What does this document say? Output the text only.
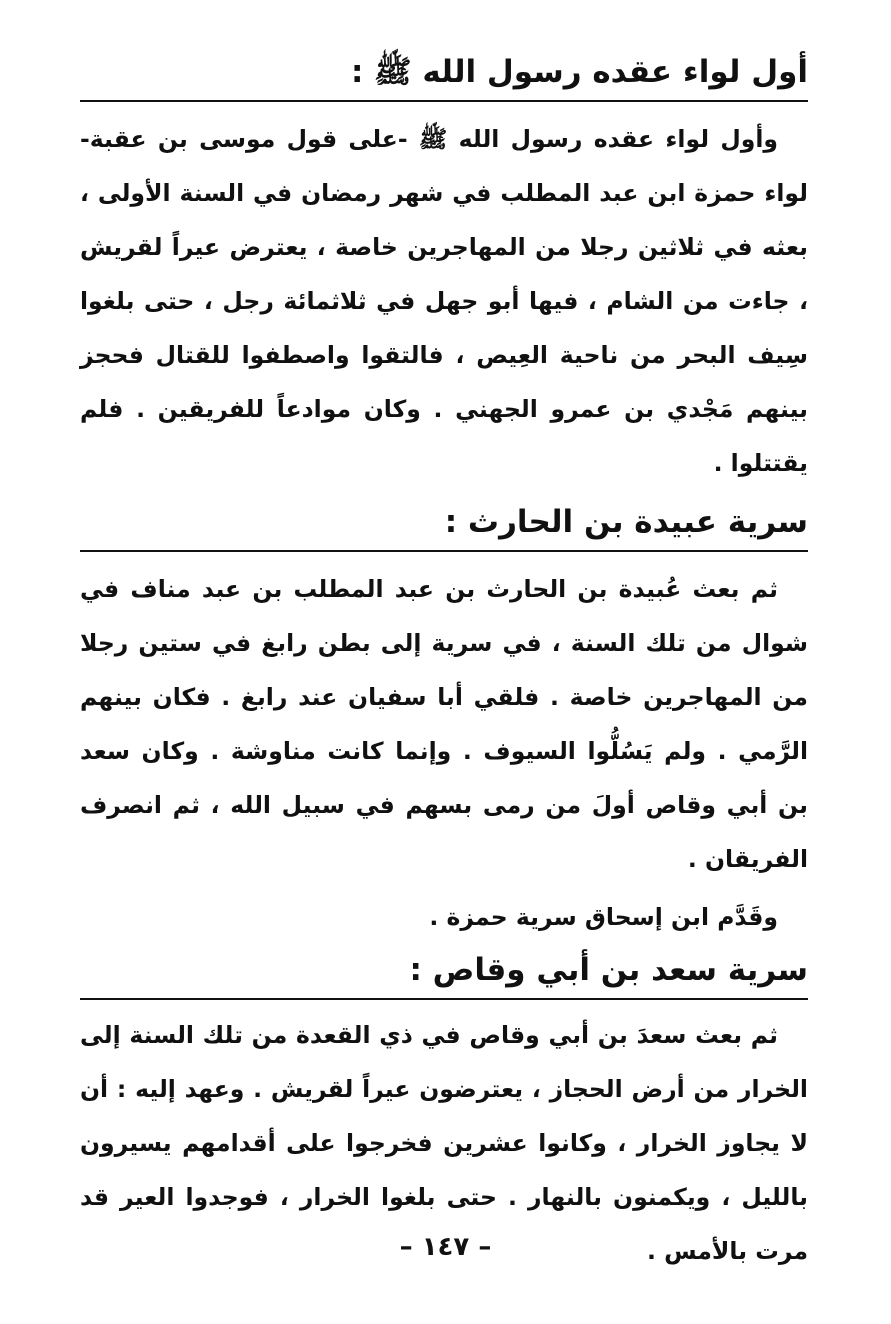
أول لواء عقده رسول الله ﷺ :

وأول لواء عقده رسول الله ﷺ -على قول موسى بن عقبة- لواء حمزة ابن عبد المطلب في شهر رمضان في السنة الأولى ، بعثه في ثلاثين رجلا من المهاجرين خاصة ، يعترض عيراً لقريش ، جاءت من الشام ، فيها أبو جهل في ثلاثمائة رجل ، حتى بلغوا سِيف البحر من ناحية العِيص ، فالتقوا واصطفوا للقتال فحجز بينهم مَجْدي بن عمرو الجهني . وكان موادعاً للفريقين . فلم يقتتلوا .

سرية عبيدة بن الحارث :

ثم بعث عُبيدة بن الحارث بن عبد المطلب بن عبد مناف في شوال من تلك السنة ، في سرية إلى بطن رابغ في ستين رجلا من المهاجرين خاصة . فلقي أبا سفيان عند رابغ . فكان بينهم الرَّمي . ولم يَسُلُّوا السيوف . وإنما كانت مناوشة . وكان سعد بن أبي وقاص أولَ من رمى بسهم في سبيل الله ، ثم انصرف الفريقان .

وقَدَّم ابن إسحاق سرية حمزة .

سرية سعد بن أبي وقاص :

ثم بعث سعدَ بن أبي وقاص في ذي القعدة من تلك السنة إلى الخرار من أرض الحجاز ، يعترضون عيراً لقريش . وعهد إليه : أن لا يجاوز الخرار ، وكانوا عشرين فخرجوا على أقدامهم يسيرون بالليل ، ويكمنون بالنهار . حتى بلغوا الخرار ، فوجدوا العير قد مرت بالأمس .

– ١٤٧ –
